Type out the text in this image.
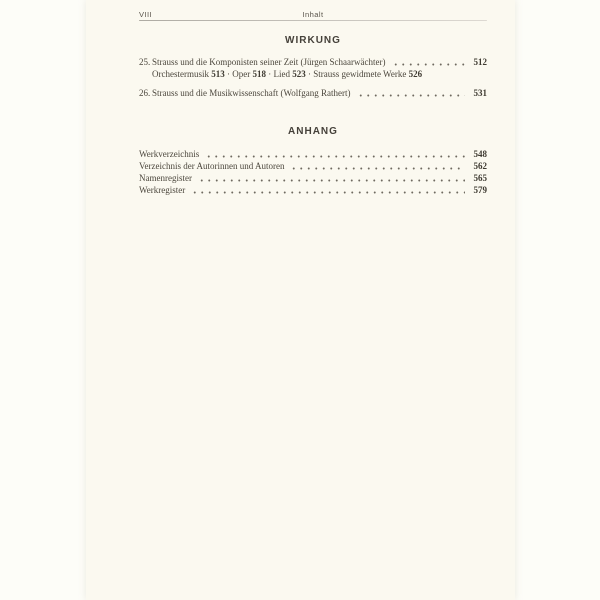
VIII	Inhalt
WIRKUNG
25. Strauss und die Komponisten seiner Zeit (Jürgen Schaarwächter)	512
Orchestermusik 513 · Oper 518 · Lied 523 · Strauss gewidmete Werke 526
26. Strauss und die Musikwissenschaft (Wolfgang Rathert)	531
ANHANG
Werkverzeichnis	548
Verzeichnis der Autorinnen und Autoren	562
Namenregister	565
Werkregister	579
